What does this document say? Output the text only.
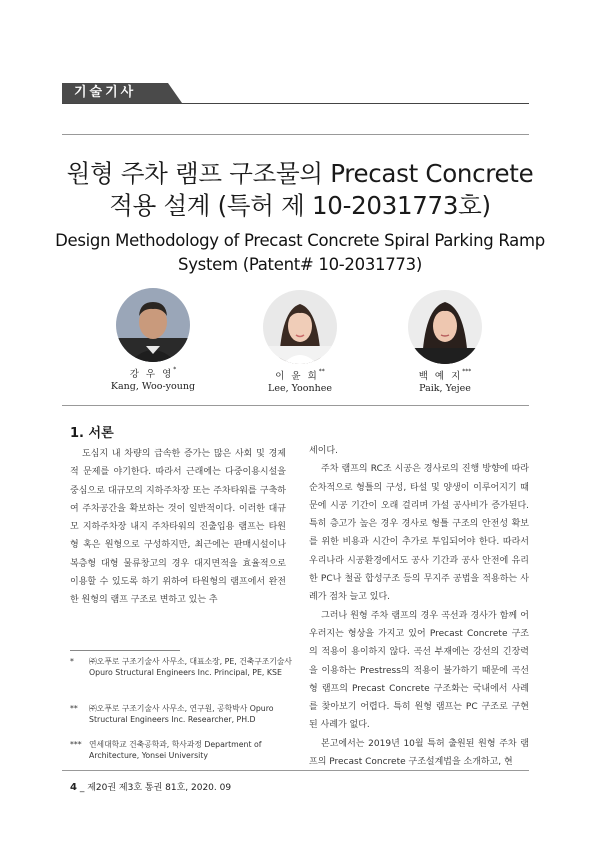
기술기사
원형 주차 램프 구조물의 Precast Concrete
적용 설계 (특허 제 10-2031773호)
Design Methodology of Precast Concrete Spiral Parking Ramp
System (Patent# 10-2031773)
강 우 영*
Kang, Woo-young
이 윤 희**
Lee, Yoonhee
백 예 지***
Paik, Yejee
1. 서론

도심지 내 차량의 급속한 증가는 많은 사회 및 경제적 문제를 야기한다. 따라서 근래에는 다중이용시설을 중심으로 대규모의 지하주차장 또는 주차타워를 구축하여 주차공간을 확보하는 것이 일반적이다. 이러한 대규모 지하주차장 내지 주차타워의 진출입용 램프는 타원형 혹은 원형으로 구성하지만, 최근에는 판매시설이나 복층형 대형 물류창고의 경우 대지면적을 효율적으로 이용할 수 있도록 하기 위하여 타원형의 램프에서 완전한 원형의 램프 구조로 변하고 있는 추

세이다.

주차 램프의 RC조 시공은 경사로의 진행 방향에 따라 순차적으로 형틀의 구성, 타설 및 양생이 이루어지기 때문에 시공 기간이 오래 걸리며 가설 공사비가 증가된다. 특히 층고가 높은 경우 경사로 형틀 구조의 안전성 확보를 위한 비용과 시간이 추가로 투입되어야 한다. 따라서 우리나라 시공환경에서도 공사 기간과 공사 안전에 유리한 PC나 철골 합성구조 등의 무지주 공법을 적용하는 사례가 점차 늘고 있다.

그러나 원형 주차 램프의 경우 곡선과 경사가 함께 어우러지는 형상을 가지고 있어 Precast Concrete 구조의 적용이 용이하지 않다. 곡선 부재에는 강선의 긴장력을 이용하는 Prestress의 적용이 불가하기 때문에 곡선형 램프의 Precast Concrete 구조화는 국내에서 사례를 찾아보기 어렵다. 특히 원형 램프는 PC 구조로 구현된 사례가 없다.

본고에서는 2019년 10월 특허 출원된 원형 주차 램프의 Precast Concrete 구조설계법을 소개하고, 현

* ㈜오푸로 구조기술사 사무소, 대표소장, PE, 건축구조기술사 Opuro Structural Engineers Inc. Principal, PE, KSE
** ㈜오푸로 구조기술사 사무소, 연구원, 공학박사 Opuro Structural Engineers Inc. Researcher, PH.D
*** 연세대학교 건축공학과, 학사과정 Department of Architecture, Yonsei University
4 _ 제20권 제3호 통권 81호, 2020. 09
